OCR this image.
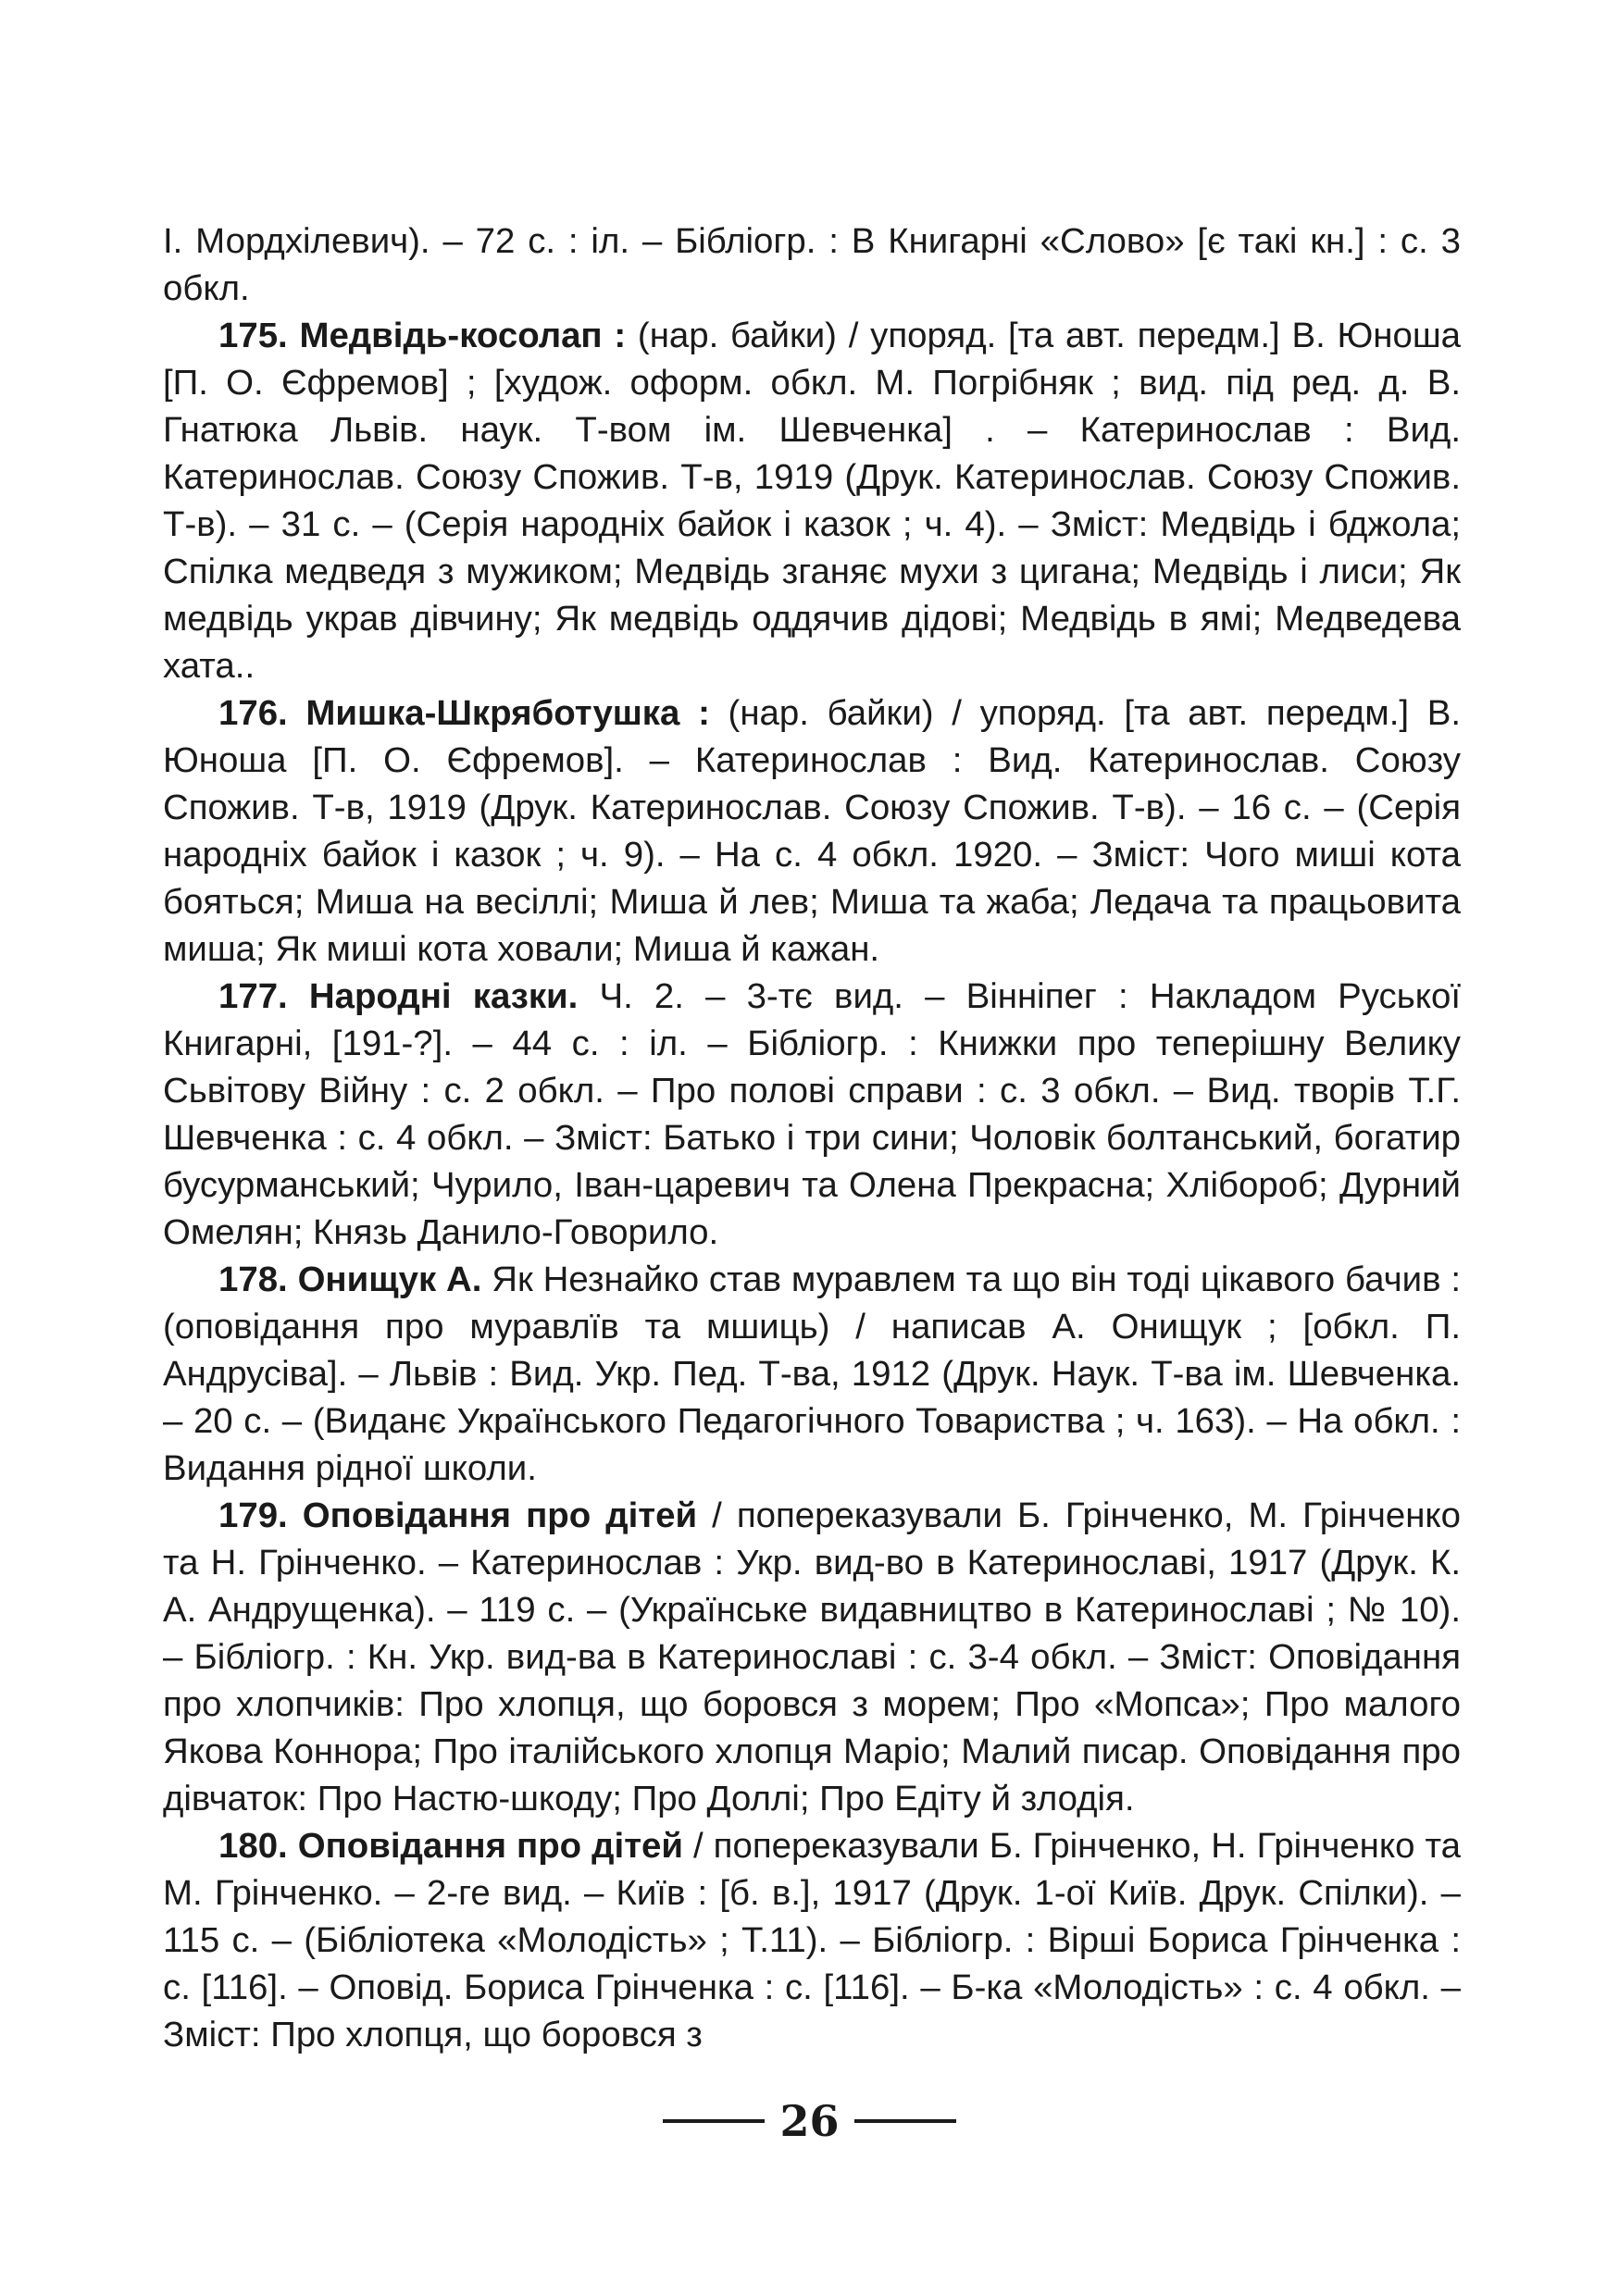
І. Мордхілевич). – 72 с. : іл. – Бібліогр. : В Книгарні «Слово» [є такі кн.] : с. 3 обкл.

175. Медвідь-косолап : (нар. байки) / упоряд. [та авт. передм.] В. Юноша [П. О. Єфремов] ; [худож. оформ. обкл. М. Погрібняк ; вид. під ред. д. В. Гнатюка Львів. наук. Т-вом ім. Шевченка] . – Катеринослав : Вид. Катеринослав. Союзу Спожив. Т-в, 1919 (Друк. Катеринослав. Союзу Спожив. Т-в). – 31 с. – (Серія народніх байок і казок ; ч. 4). – Зміст: Медвідь і бджола; Спілка медведя з мужиком; Медвідь зганяє мухи з цигана; Медвідь і лиси; Як медвідь украв дівчину; Як медвідь оддячив дідові; Медвідь в ямі; Медведева хата..

176. Мишка-Шкряботушка : (нар. байки) / упоряд. [та авт. передм.] В. Юноша [П. О. Єфремов]. – Катеринослав : Вид. Катеринослав. Союзу Спожив. Т-в, 1919 (Друк. Катеринослав. Союзу Спожив. Т-в). – 16 с. – (Серія народніх байок і казок ; ч. 9). – На с. 4 обкл. 1920. – Зміст: Чого миші кота бояться; Миша на весіллі; Миша й лев; Миша та жаба; Ледача та працьовита миша; Як миші кота ховали; Миша й кажан.

177. Народні казки. Ч. 2. – 3-тє вид. – Вінніпег : Накладом Руської Книгарні, [191-?]. – 44 с. : іл. – Бібліогр. : Книжки про теперішну Велику Сьвітову Війну : с. 2 обкл. – Про полові справи : с. 3 обкл. – Вид. творів Т.Г. Шевченка : с. 4 обкл. – Зміст: Батько і три сини; Чоловік болтанський, богатир бусурманський; Чурило, Іван-царевич та Олена Прекрасна; Хлібороб; Дурний Омелян; Князь Данило-Говорило.

178. Онищук А. Як Незнайко став муравлем та що він тоді цікавого бачив : (оповідання про муравлїв та мшиць) / написав А. Онищук ; [обкл. П. Андрусіва]. – Львів : Вид. Укр. Пед. Т-ва, 1912 (Друк. Наук. Т-ва ім. Шевченка. – 20 с. – (Виданє Українського Педагогічного Товариства ; ч. 163). – На обкл. : Видання рідної школи.

179. Оповідання про дітей / попереказували Б. Грінченко, М. Грінченко та Н. Грінченко. – Катеринослав : Укр. вид-во в Катеринославі, 1917 (Друк. К. А. Андрущенка). – 119 с. – (Українське видавництво в Катеринославі ; № 10). – Бібліогр. : Кн. Укр. вид-ва в Катеринославі : с. 3-4 обкл. – Зміст: Оповідання про хлопчиків: Про хлопця, що боровся з морем; Про «Мопса»; Про малого Якова Коннора; Про італійського хлопця Маріо; Малий писар. Оповідання про дівчаток: Про Настю-шкоду; Про Доллі; Про Едіту й злодія.

180. Оповідання про дітей / попереказували Б. Грінченко, Н. Грінченко та М. Грінченко. – 2-ге вид. – Київ : [б. в.], 1917 (Друк. 1-ої Київ. Друк. Спілки). – 115 с. – (Бібліотека «Молодість» ; Т.11). – Бібліогр. : Вірші Бориса Грінченка : с. [116]. – Оповід. Бориса Грінченка : с. [116]. – Б-ка «Молодість» : с. 4 обкл. – Зміст: Про хлопця, що боровся з

26
